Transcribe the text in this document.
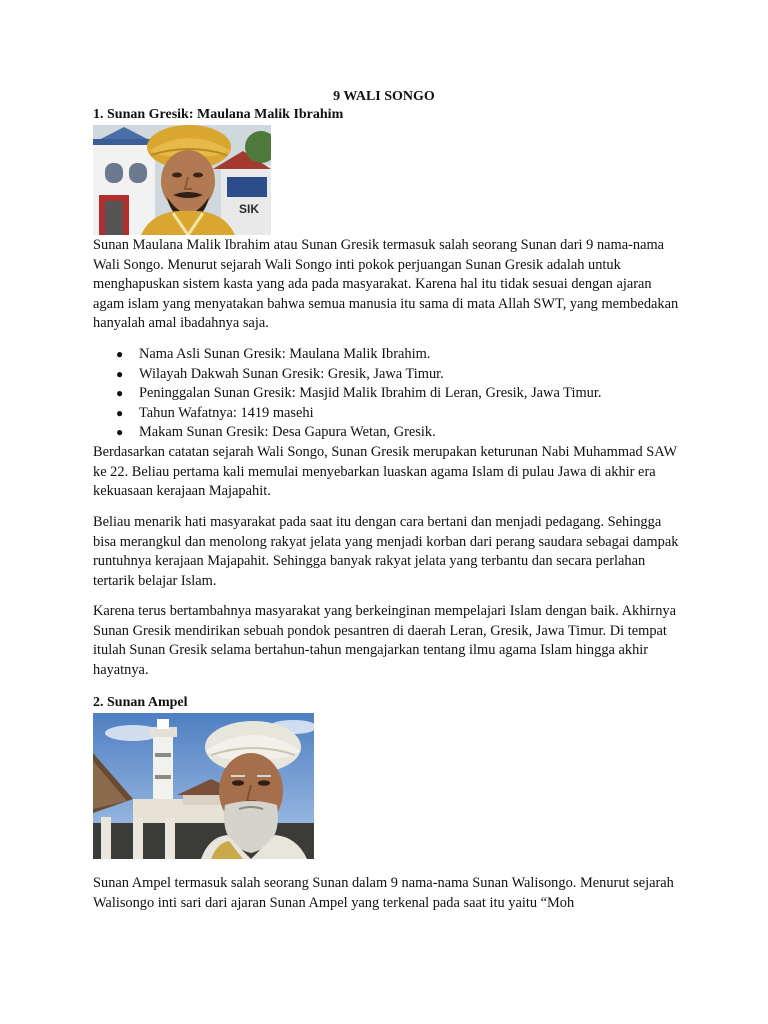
9 WALI SONGO
1. Sunan Gresik: Maulana Malik Ibrahim
SIK

Sunan Maulana Malik Ibrahim atau Sunan Gresik termasuk salah seorang Sunan dari 9 nama-nama Wali Songo. Menurut sejarah Wali Songo inti pokok perjuangan Sunan Gresik adalah untuk menghapuskan sistem kasta yang ada pada masyarakat. Karena hal itu tidak sesuai dengan ajaran agam islam yang menyatakan bahwa semua manusia itu sama di mata Allah SWT, yang membedakan hanyalah amal ibadahnya saja.

● Nama Asli Sunan Gresik: Maulana Malik Ibrahim.
● Wilayah Dakwah Sunan Gresik: Gresik, Jawa Timur.
● Peninggalan Sunan Gresik: Masjid Malik Ibrahim di Leran, Gresik, Jawa Timur.
● Tahun Wafatnya: 1419 masehi
● Makam Sunan Gresik: Desa Gapura Wetan, Gresik.

Berdasarkan catatan sejarah Wali Songo, Sunan Gresik merupakan keturunan Nabi Muhammad SAW ke 22. Beliau pertama kali memulai menyebarkan luaskan agama Islam di pulau Jawa di akhir era kekuasaan kerajaan Majapahit.

Beliau menarik hati masyarakat pada saat itu dengan cara bertani dan menjadi pedagang. Sehingga bisa merangkul dan menolong rakyat jelata yang menjadi korban dari perang saudara sebagai dampak runtuhnya kerajaan Majapahit. Sehingga banyak rakyat jelata yang terbantu dan secara perlahan tertarik belajar Islam.

Karena terus bertambahnya masyarakat yang berkeinginan mempelajari Islam dengan baik. Akhirnya Sunan Gresik mendirikan sebuah pondok pesantren di daerah Leran, Gresik, Jawa Timur. Di tempat itulah Sunan Gresik selama bertahun-tahun mengajarkan tentang ilmu agama Islam hingga akhir hayatnya.

2. Sunan Ampel

Sunan Ampel termasuk salah seorang Sunan dalam 9 nama-nama Sunan Walisongo. Menurut sejarah Walisongo inti sari dari ajaran Sunan Ampel yang terkenal pada saat itu yaitu “Moh
